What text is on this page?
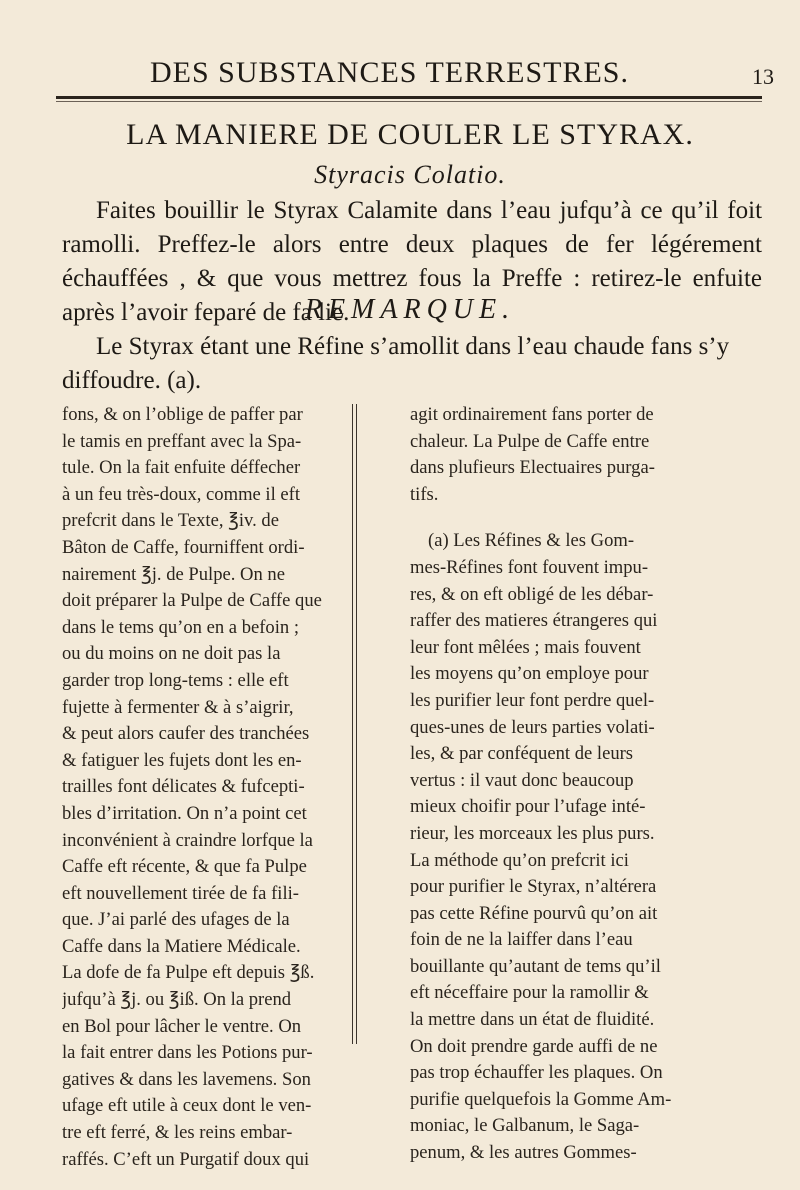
DES SUBSTANCES TERRESTRES.	13
LA MANIERE DE COULER LE STYRAX.
Styracis Colatio.

Faites bouillir le Styrax Calamite dans l’eau jufqu’à ce qu’il foit ramolli. Preffez-le alors entre deux plaques de fer légérement échauffées , & que vous mettrez fous la Preffe : retirez-le enfuite après l’avoir feparé de fa lie.

REMARQUE.

Le Styrax étant une Réfine s’amollit dans l’eau chaude fans s’y diffoudre. (a).

fons, & on l’oblige de paffer par
le tamis en preffant avec la Spa-
tule. On la fait enfuite déffecher
à un feu très-doux, comme il eft
prefcrit dans le Texte, ℥iv. de
Bâton de Caffe, fourniffent ordi-
nairement ℥j. de Pulpe. On ne
doit préparer la Pulpe de Caffe que
dans le tems qu’on en a befoin ;
ou du moins on ne doit pas la
garder trop long-tems : elle eft
fujette à fermenter & à s’aigrir,
& peut alors caufer des tranchées
& fatiguer les fujets dont les en-
trailles font délicates & fufcepti-
bles d’irritation. On n’a point cet
inconvénient à craindre lorfque la
Caffe eft récente, & que fa Pulpe
eft nouvellement tirée de fa fili-
que. J’ai parlé des ufages de la
Caffe dans la Matiere Médicale.
La dofe de fa Pulpe eft depuis ℥ß.
jufqu’à ℥j. ou ℥iß. On la prend
en Bol pour lâcher le ventre. On
la fait entrer dans les Potions pur-
gatives & dans les lavemens. Son
ufage eft utile à ceux dont le ven-
tre eft ferré, & les reins embar-
raffés. C’eft un Purgatif doux qui
agit ordinairement fans porter de
chaleur. La Pulpe de Caffe entre
dans plufieurs Electuaires purga-
tifs.
(a) Les Réfines & les Gom-
mes-Réfines font fouvent impu-
res, & on eft obligé de les débar-
raffer des matieres étrangeres qui
leur font mêlées ; mais fouvent
les moyens qu’on employe pour
les purifier leur font perdre quel-
ques-unes de leurs parties volati-
les, & par conféquent de leurs
vertus : il vaut donc beaucoup
mieux choifir pour l’ufage inté-
rieur, les morceaux les plus purs.
La méthode qu’on prefcrit ici
pour purifier le Styrax, n’altérera
pas cette Réfine pourvû qu’on ait
foin de ne la laiffer dans l’eau
bouillante qu’autant de tems qu’il
eft néceffaire pour la ramollir &
la mettre dans un état de fluidité.
On doit prendre garde auffi de ne
pas trop échauffer les plaques. On
purifie quelquefois la Gomme Am-
moniac, le Galbanum, le Saga-
penum, & les autres Gommes-
